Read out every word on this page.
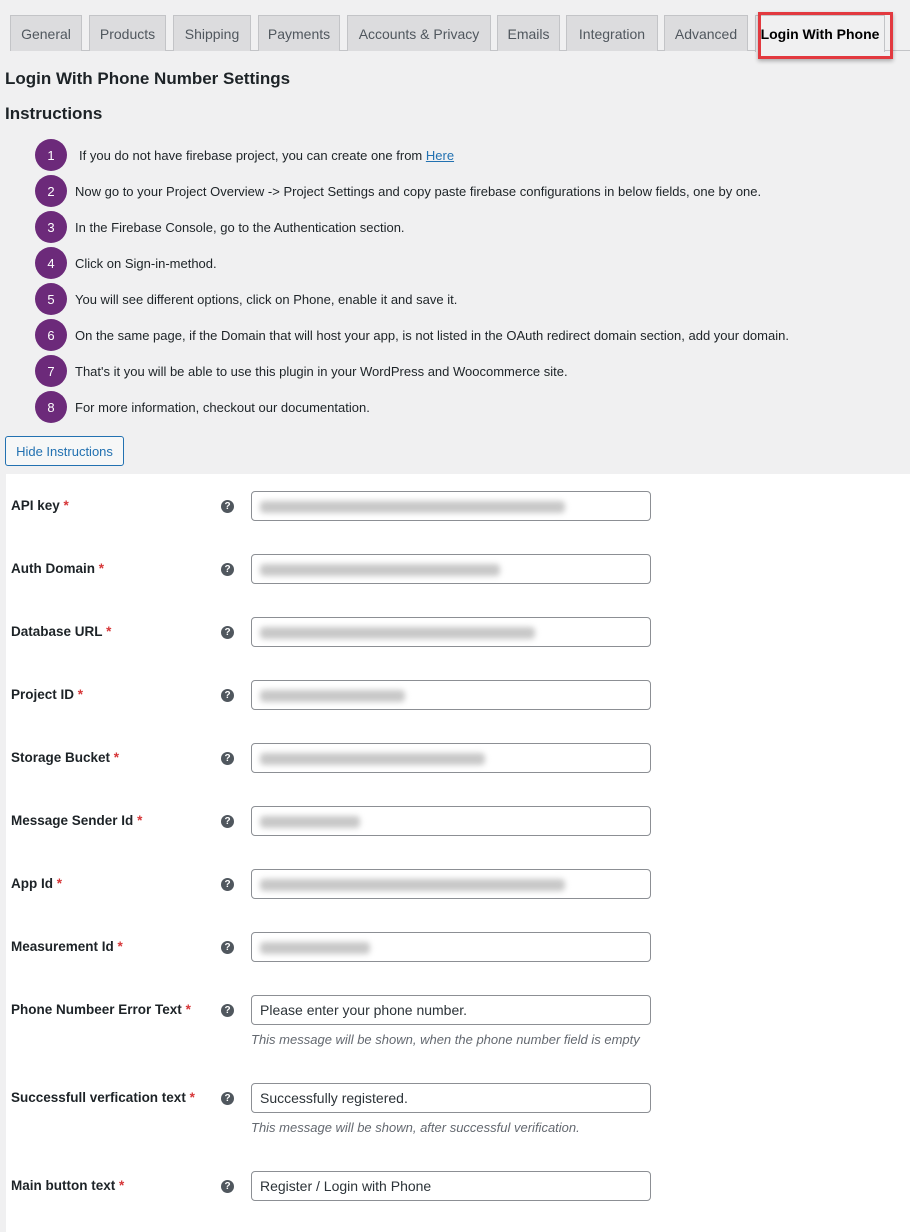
General	Products	Shipping	Payments	Accounts & Privacy	Emails	Integration	Advanced	Login With Phone
Login With Phone Number Settings
Instructions
1	If you do not have firebase project, you can create one from Here
2	Now go to your Project Overview -> Project Settings and copy paste firebase configurations in below fields, one by one.
3	In the Firebase Console, go to the Authentication section.
4	Click on Sign-in-method.
5	You will see different options, click on Phone, enable it and save it.
6	On the same page, if the Domain that will host your app, is not listed in the OAuth redirect domain section, add your domain.
7	That's it you will be able to use this plugin in your WordPress and Woocommerce site.
8	For more information, checkout our documentation.
Hide Instructions
API key *	?
Auth Domain *	?
Database URL *	?
Project ID *	?
Storage Bucket *	?
Message Sender Id *	?
App Id *	?
Measurement Id *	?
Phone Numbeer Error Text *	?	Please enter your phone number.
This message will be shown, when the phone number field is empty
Successfull verfication text *	?	Successfully registered.
This message will be shown, after successful verification.
Main button text *	?	Register / Login with Phone
